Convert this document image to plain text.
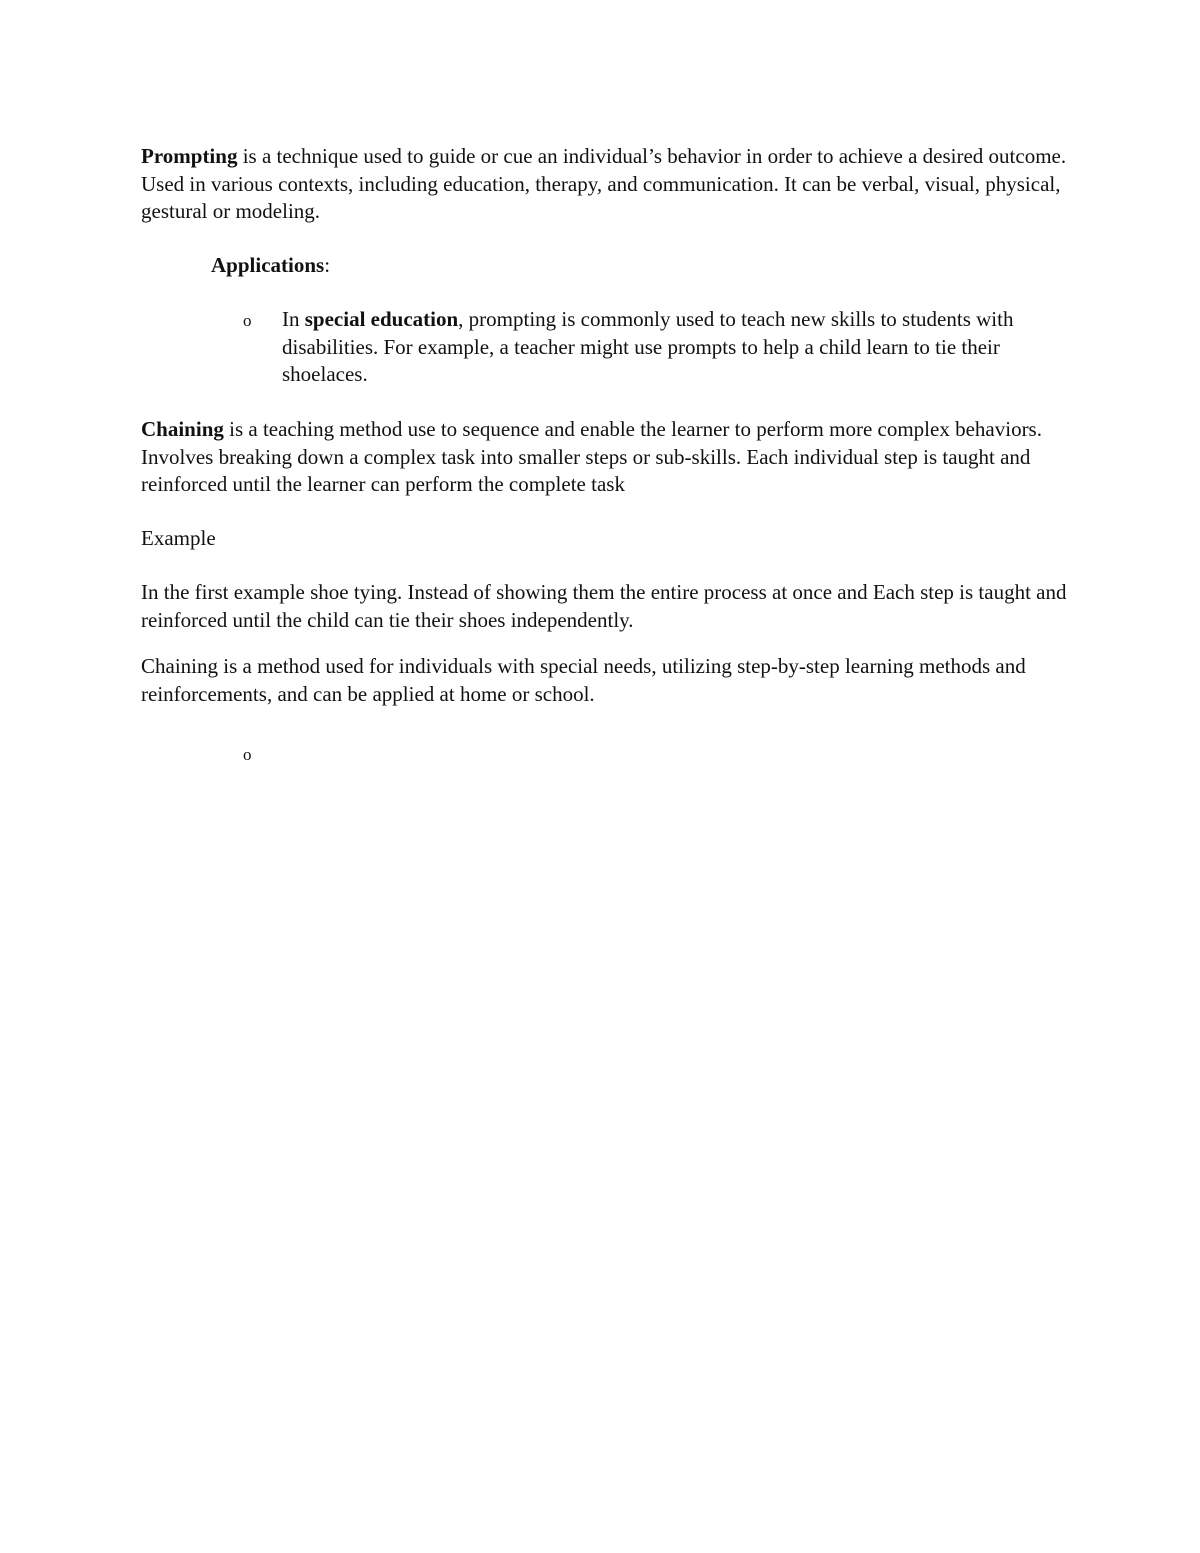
Prompting is a technique used to guide or cue an individual’s behavior in order to achieve a desired outcome. Used in various contexts, including education, therapy, and communication. It can be verbal, visual, physical, gestural or modeling.

Applications:

o	In special education, prompting is commonly used to teach new skills to students with disabilities. For example, a teacher might use prompts to help a child learn to tie their shoelaces.

Chaining is a teaching method use to sequence and enable the learner to perform more complex behaviors. Involves breaking down a complex task into smaller steps or sub-skills. Each individual step is taught and reinforced until the learner can perform the complete task

Example

In the first example shoe tying. Instead of showing them the entire process at once and Each step is taught and reinforced until the child can tie their shoes independently.

Chaining is a method used for individuals with special needs, utilizing step-by-step learning methods and reinforcements, and can be applied at home or school.

o
